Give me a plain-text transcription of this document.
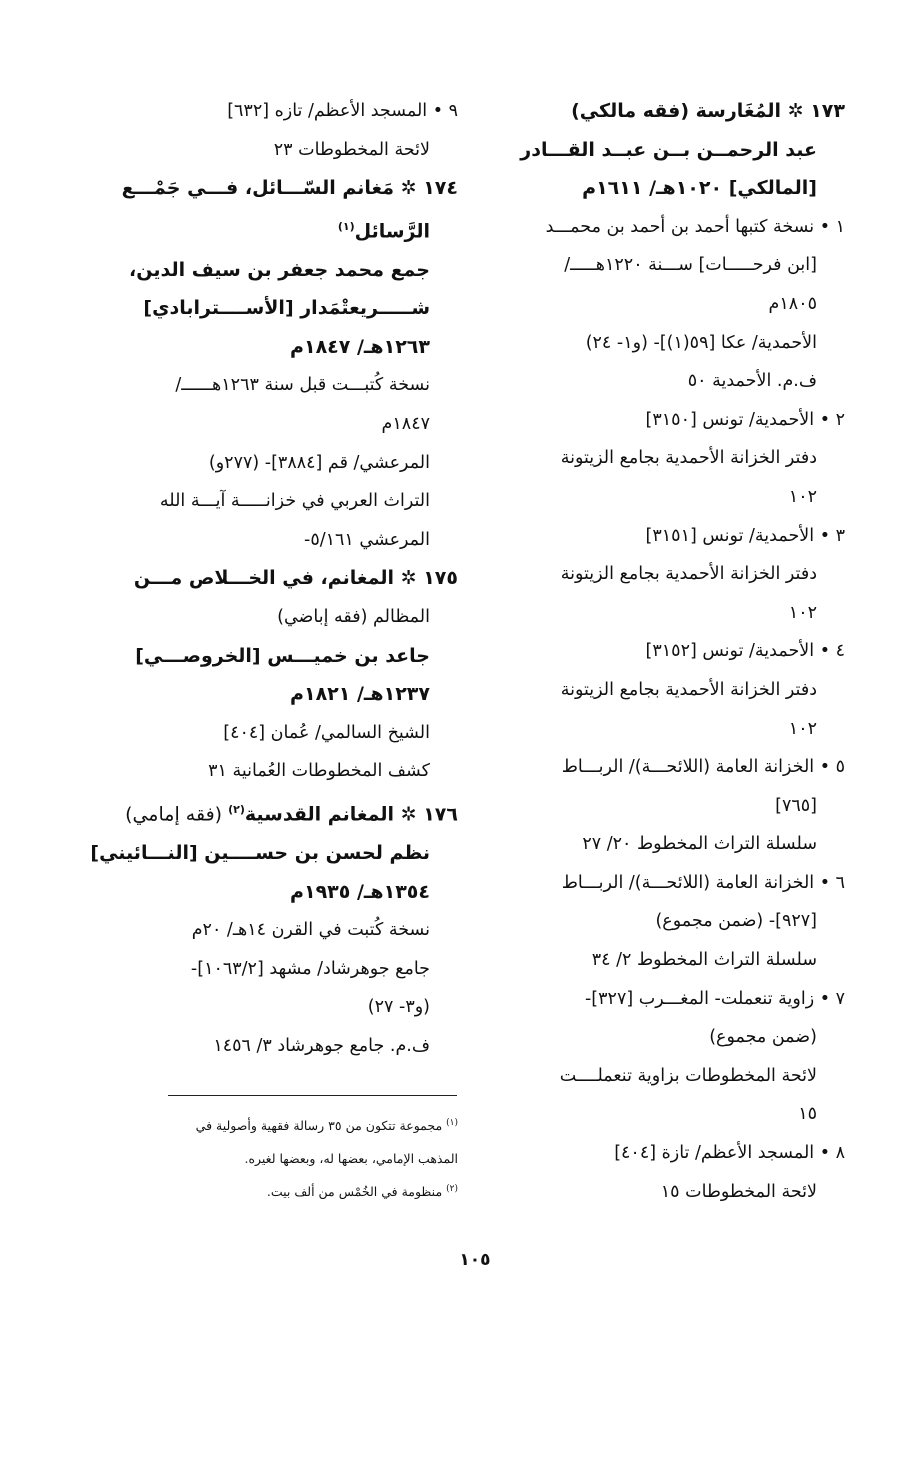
١٧٣ ✲ المُغَارسة (فقه مالكي)

عبد الرحمــن بــن عبــد القـــادر

[المالكي] ١٠٢٠هـ/ ١٦١١م

١ • نسخة كتبها أحمد بن أحمد بن محمـــد

[ابن فرحـــــات] ســـنة ١٢٢٠هـــــ/

١٨٠٥م

الأحمدية/ عكا [٥٩(١)]- (و١- ٢٤)

ف.م. الأحمدية ٥٠

٢ • الأحمدية/ تونس [٣١٥٠]

دفتر الخزانة الأحمدية بجامع الزيتونة

١٠٢

٣ • الأحمدية/ تونس [٣١٥١]

دفتر الخزانة الأحمدية بجامع الزيتونة

١٠٢

٤ • الأحمدية/ تونس [٣١٥٢]

دفتر الخزانة الأحمدية بجامع الزيتونة

١٠٢

٥ • الخزانة العامة (اللائحـــة)/ الربـــاط

[٧٦٥]

سلسلة التراث المخطوط ٢٠/ ٢٧

٦ • الخزانة العامة (اللائحـــة)/ الربـــاط

[٩٢٧]- (ضمن مجموع)

سلسلة التراث المخطوط ٢/ ٣٤

٧ • زاوية تنعملت- المغـــرب [٣٢٧]-

(ضمن مجموع)

لائحة المخطوطات بزاوية تنعملــــت

١٥

٨ • المسجد الأعظم/ تازة [٤٠٤]

لائحة المخطوطات ١٥

٩ • المسجد الأعظم/ تازه [٦٣٢]

لائحة المخطوطات ٢٣

١٧٤ ✲ مَغانم السّـــائل، فـــي جَمْـــع

الرَّسائل$^{(١)}$

جمع محمد جعفر بن سيف الدين،

شـــــريعتْمَدار [الأســــترابادي]

١٢٦٣هـ/ ١٨٤٧م

نسخة كُتبـــت قبل سنة ١٢٦٣هــــــ/

١٨٤٧م

المرعشي/ قم [٣٨٨٤]- (٢٧٧و)

التراث العربي في خزانـــــة آيـــة الله

المرعشي ٥/١٦١-

١٧٥ ✲ المغانم، في الخـــلاص مـــن

المظالم (فقه إباضي)

جاعد بن خميـــس [الخروصـــي]

١٢٣٧هـ/ ١٨٢١م

الشيخ السالمي/ عُمان [٤٠٤]

كشف المخطوطات العُمانية ٣١

١٧٦ ✲ المغانم القدسية$^{(٢)}$ (فقه إمامي)

نظم لحسن بن حســــين [النـــائيني]

١٣٥٤هـ/ ١٩٣٥م

نسخة كُتبت في القرن ١٤هـ/ ٢٠م

جامع جوهرشاد/ مشهد [١٠٦٣/٢]-

(و٣- ٢٧)

ف.م. جامع جوهرشاد ٣/ ١٤٥٦

$^{(١)}$ مجموعة تتكون من ٣٥ رسالة فقهية وأصولية في
المذهب الإمامي، بعضها له، وبعضها لغيره.
$^{(٢)}$ منظومة في الخُمْس من ألف بيت.
١٠٥
